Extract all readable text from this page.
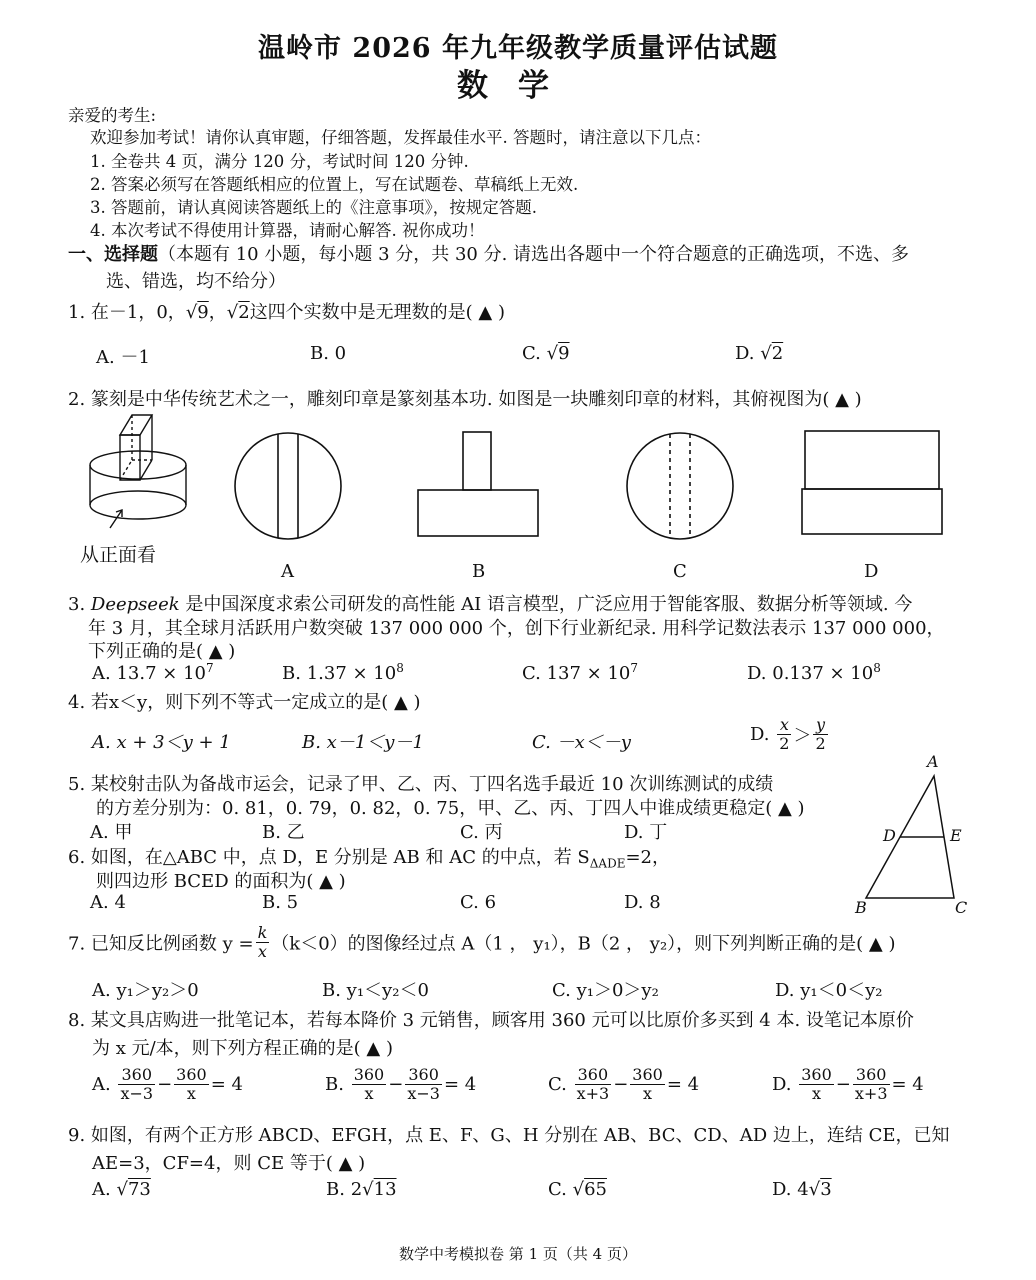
温岭市 2026 年九年级教学质量评估试题
数学
亲爱的考生:
欢迎参加考试！请你认真审题，仔细答题，发挥最佳水平. 答题时，请注意以下几点：
1. 全卷共 4 页，满分 120 分，考试时间 120 分钟.
2. 答案必须写在答题纸相应的位置上，写在试题卷、草稿纸上无效.
3. 答题前，请认真阅读答题纸上的《注意事项》，按规定答题.
4. 本次考试不得使用计算器，请耐心解答. 祝你成功！
一、选择题（本题有 10 小题，每小题 3 分，共 30 分. 请选出各题中一个符合题意的正确选项，不选、多
选、错选，均不给分）
1. 在－1，0，√9，√2这四个实数中是无理数的是( ▲ )
A. －1	B. 0	C. √9	D. √2
2. 篆刻是中华传统艺术之一，雕刻印章是篆刻基本功. 如图是一块雕刻印章的材料，其俯视图为( ▲ )
从正面看
A	B	C	D
3. Deepseek 是中国深度求索公司研发的高性能 AI 语言模型，广泛应用于智能客服、数据分析等领域. 今
年 3 月，其全球月活跃用户数突破 137 000 000 个，创下行业新纪录. 用科学记数法表示 137 000 000，
下列正确的是( ▲ )
A. $13.7 \times 10^7$	B. $1.37 \times 10^8$	C. $137 \times 10^7$	D. $0.137 \times 10^8$
4. 若x＜y，则下列不等式一定成立的是( ▲ )
A. x + 3＜y + 1	B. x－1＜y－1	C. －x＜－y	D. $\frac{x}{2} > \frac{y}{2}$
5. 某校射击队为备战市运会，记录了甲、乙、丙、丁四名选手最近 10 次训练测试的成绩
的方差分别为：0. 81，0. 79，0. 82，0. 75，甲、乙、丙、丁四人中谁成绩更稳定( ▲ )
A. 甲	B. 乙	C. 丙	D. 丁
6. 如图，在△ABC 中，点 D，E 分别是 AB 和 AC 的中点，若 $S_{\Delta ADE}=2$，
则四边形 BCED 的面积为( ▲ )
A. 4	B. 5	C. 6	D. 8
A
D	E
B	C
7. 已知反比例函数 $y = \frac{k}{x} (k<0)$的图像经过点 A（1 ， y₁），B（2 ， y₂），则下列判断正确的是( ▲ )
A. y₁＞y₂＞0	B. y₁＜y₂＜0	C. y₁＞0＞y₂	D. y₁＜0＜y₂
8. 某文具店购进一批笔记本，若每本降价 3 元销售，顾客用 360 元可以比原价多买到 4 本. 设笔记本原价
为 x 元/本，则下列方程正确的是( ▲ )
A. $\frac{360}{x-3} - \frac{360}{x} = 4$	B. $\frac{360}{x} - \frac{360}{x-3} = 4$	C. $\frac{360}{x+3} - \frac{360}{x} = 4$	D. $\frac{360}{x} - \frac{360}{x+3} = 4$
9. 如图，有两个正方形 ABCD、EFGH，点 E、F、G、H 分别在 AB、BC、CD、AD 边上，连结 CE，已知
AE=3，CF=4，则 CE 等于( ▲ )
A. √73	B. 2√13	C. √65	D. 4√3
数学中考模拟卷 第 1 页（共 4 页）
